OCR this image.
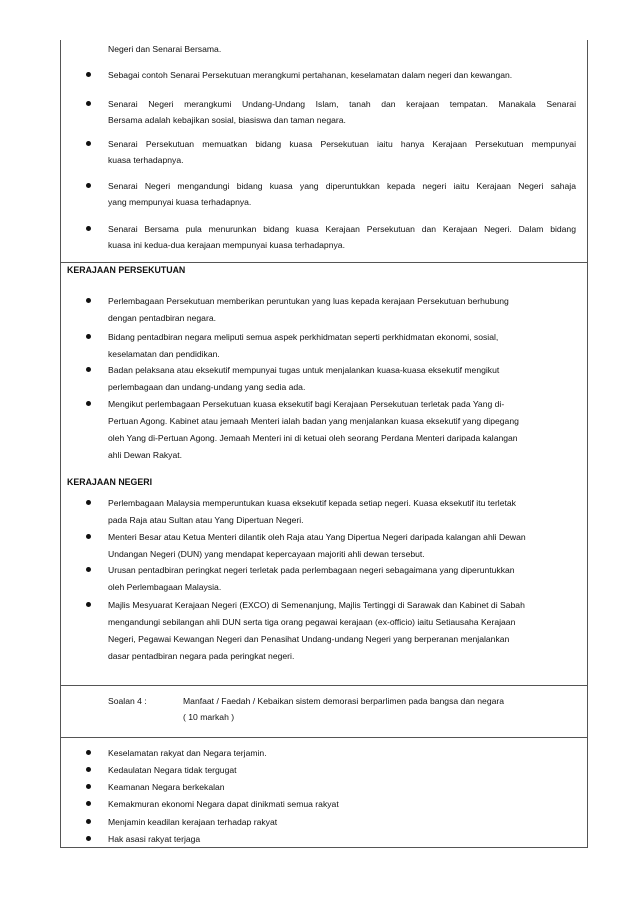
Negeri dan Senarai Bersama.
Sebagai contoh Senarai Persekutuan merangkumi pertahanan, keselamatan dalam negeri dan kewangan.
Senarai Negeri merangkumi Undang-Undang Islam, tanah dan kerajaan tempatan. Manakala Senarai
Bersama adalah kebajikan sosial, biasiswa dan taman negara.
Senarai Persekutuan memuatkan bidang kuasa Persekutuan iaitu hanya Kerajaan Persekutuan mempunyai
kuasa terhadapnya.
Senarai Negeri mengandungi bidang kuasa yang diperuntukkan kepada negeri iaitu Kerajaan Negeri sahaja
yang mempunyai kuasa terhadapnya.
Senarai Bersama pula menurunkan bidang kuasa Kerajaan Persekutuan dan Kerajaan Negeri. Dalam bidang
kuasa ini kedua-dua kerajaan mempunyai kuasa terhadapnya.
KERAJAAN PERSEKUTUAN
Perlembagaan Persekutuan memberikan peruntukan yang luas kepada kerajaan Persekutuan berhubung
dengan pentadbiran negara.
Bidang pentadbiran negara meliputi semua aspek perkhidmatan seperti perkhidmatan ekonomi, sosial,
keselamatan dan pendidikan.
Badan pelaksana atau eksekutif mempunyai tugas untuk menjalankan kuasa-kuasa eksekutif mengikut
perlembagaan dan undang-undang yang sedia ada.
Mengikut perlembagaan Persekutuan kuasa eksekutif bagi Kerajaan Persekutuan terletak pada Yang di-
Pertuan Agong. Kabinet atau jemaah Menteri ialah badan yang menjalankan kuasa eksekutif yang dipegang
oleh Yang di-Pertuan Agong. Jemaah Menteri ini di ketuai oleh seorang Perdana Menteri daripada kalangan
ahli Dewan Rakyat.
KERAJAAN NEGERI
Perlembagaan Malaysia memperuntukan kuasa eksekutif kepada setiap negeri. Kuasa eksekutif itu terletak
pada Raja atau Sultan atau Yang Dipertuan Negeri.
Menteri Besar atau Ketua Menteri dilantik oleh Raja atau Yang Dipertua Negeri daripada kalangan ahli Dewan
Undangan Negeri (DUN) yang mendapat kepercayaan majoriti ahli dewan tersebut.
Urusan pentadbiran peringkat negeri terletak pada perlembagaan negeri sebagaimana yang diperuntukkan
oleh Perlembagaan Malaysia.
Majlis Mesyuarat Kerajaan Negeri (EXCO) di Semenanjung, Majlis Tertinggi di Sarawak dan Kabinet di Sabah
mengandungi sebilangan ahli DUN serta tiga orang pegawai kerajaan (ex-officio) iaitu Setiausaha Kerajaan
Negeri, Pegawai Kewangan Negeri dan Penasihat Undang-undang Negeri yang berperanan menjalankan
dasar pentadbiran negara pada peringkat negeri.
Soalan 4 :	Manfaat / Faedah / Kebaikan sistem demorasi berparlimen pada bangsa dan negara
( 10 markah )
Keselamatan rakyat dan Negara terjamin.
Kedaulatan Negara tidak tergugat
Keamanan Negara berkekalan
Kemakmuran ekonomi Negara dapat dinikmati semua rakyat
Menjamin keadilan kerajaan terhadap rakyat
Hak asasi rakyat terjaga
